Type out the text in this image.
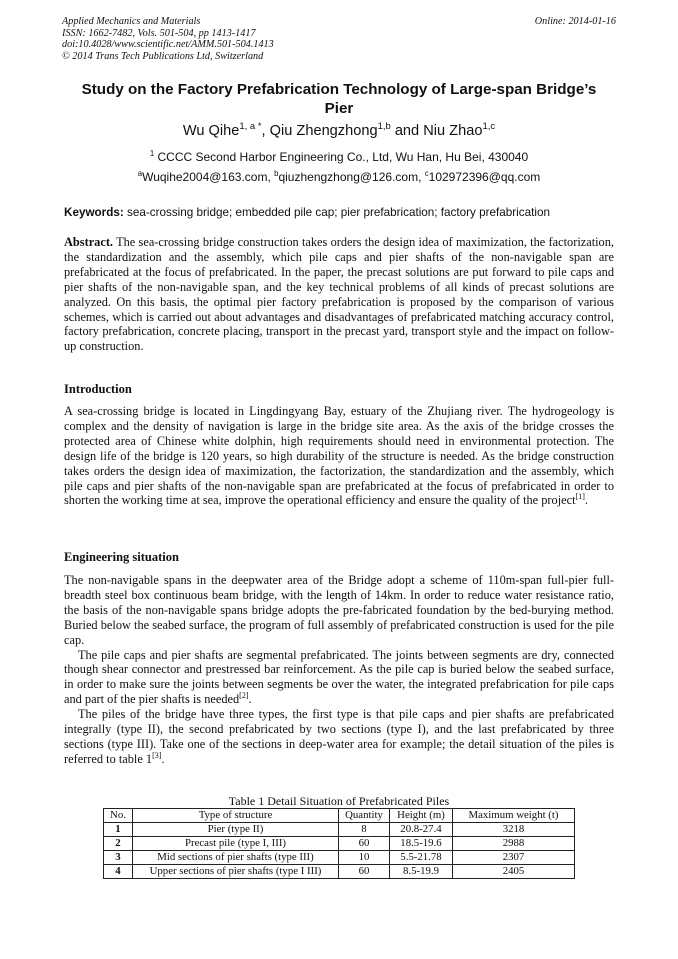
Applied Mechanics and Materials
ISSN: 1662-7482, Vols. 501-504, pp 1413-1417
doi:10.4028/www.scientific.net/AMM.501-504.1413
© 2014 Trans Tech Publications Ltd, Switzerland
Online: 2014-01-16
Study on the Factory Prefabrication Technology of Large-span Bridge’s
Pier
Wu Qihe$^{1, a *}$, Qiu Zhengzhong$^{1,b}$ and Niu Zhao$^{1,c}$
$^1$ CCCC Second Harbor Engineering Co., Ltd, Wu Han, Hu Bei, 430040
$^a$Wuqihe2004@163.com, $^b$qiuzhengzhong@126.com, $^c$102972396@qq.com
Keywords: sea-crossing bridge; embedded pile cap; pier prefabrication; factory prefabrication

Abstract. The sea-crossing bridge construction takes orders the design idea of maximization, the factorization, the standardization and the assembly, which pile caps and pier shafts of the non-navigable span are prefabricated at the focus of prefabricated. In the paper, the precast solutions are put forward to pile caps and pier shafts of the non-navigable span, and the key technical problems of all kinds of precast solutions are analyzed. On this basis, the optimal pier factory prefabrication is proposed by the comparison of various schemes, which is carried out about advantages and disadvantages of prefabricated matching accuracy control, factory prefabrication, concrete placing, transport in the precast yard, transport style and the impact on follow-up construction.

Introduction

A sea-crossing bridge is located in Lingdingyang Bay, estuary of the Zhujiang river. The hydrogeology is complex and the density of navigation is large in the bridge site area. As the axis of the bridge crosses the protected area of Chinese white dolphin, high requirements should need in environmental protection. The design life of the bridge is 120 years, so high durability of the structure is needed. As the bridge construction takes orders the design idea of maximization, the factorization, the standardization and the assembly, which pile caps and pier shafts of the non-navigable span are prefabricated at the focus of prefabricated in order to shorten the working time at sea, improve the operational efficiency and ensure the quality of the project[1].

Engineering situation

The non-navigable spans in the deepwater area of the Bridge adopt a scheme of 110m-span full-pier full-breadth steel box continuous beam bridge, with the length of 14km. In order to reduce water resistance ratio, the basis of the non-navigable spans bridge adopts the pre-fabricated foundation by the bed-burying method. Buried below the seabed surface, the program of full assembly of prefabricated construction is used for the pile cap.

The pile caps and pier shafts are segmental prefabricated. The joints between segments are dry, connected though shear connector and prestressed bar reinforcement. As the pile cap is buried below the seabed surface, in order to make sure the joints between segments be over the water, the integrated prefabrication for pile caps and part of the pier shafts is needed[2].

The piles of the bridge have three types, the first type is that pile caps and pier shafts are prefabricated integrally (type II), the second prefabricated by two sections (type I), and the last prefabricated by three sections (type III). Take one of the sections in deep-water area for example; the detail situation of the piles is referred to table 1[3].

Table 1 Detail Situation of Prefabricated Piles
No.	Type of structure	Quantity	Height (m)	Maximum weight (t)
1	Pier (type II)	8	20.8-27.4	3218
2	Precast pile (type I, III)	60	18.5-19.6	2988
3	Mid sections of pier shafts (type III)	10	5.5-21.78	2307
4	Upper sections of pier shafts (type I III)	60	8.5-19.9	2405
